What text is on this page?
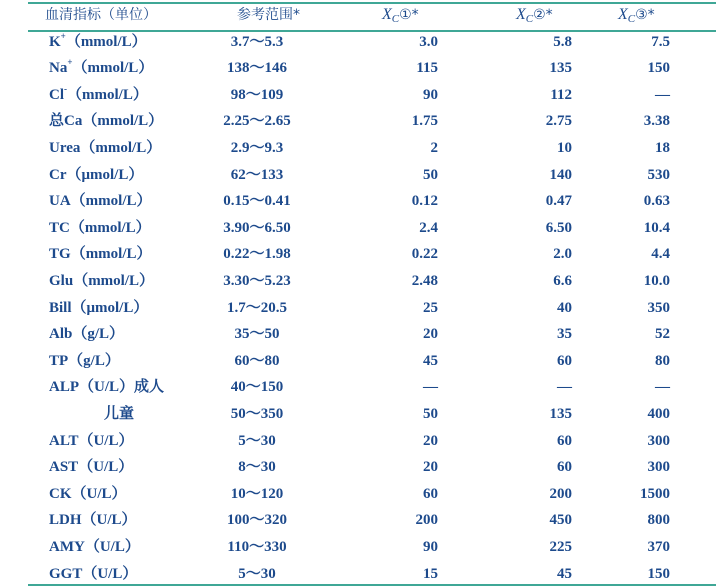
血清指标（单位）	参考范围*	$X_C①*$	$X_C②*$	$X_C③*$
K+（mmol/L）	3.7～5.3	3.0	5.8	7.5
Na+（mmol/L）	138～146	115	135	150
Cl-（mmol/L）	98～109	90	112	—
总Ca（mmol/L）	2.25～2.65	1.75	2.75	3.38
Urea（mmol/L）	2.9～9.3	2	10	18
Cr（μmol/L）	62～133	50	140	530
UA（mmol/L）	0.15～0.41	0.12	0.47	0.63
TC（mmol/L）	3.90～6.50	2.4	6.50	10.4
TG（mmol/L）	0.22～1.98	0.22	2.0	4.4
Glu（mmol/L）	3.30～5.23	2.48	6.6	10.0
Bill（μmol/L）	1.7～20.5	25	40	350
Alb（g/L）	35～50	20	35	52
TP（g/L）	60～80	45	60	80
ALP（U/L）成人	40～150	—	—	—
儿童	50～350	50	135	400
ALT（U/L）	5～30	20	60	300
AST（U/L）	8～30	20	60	300
CK（U/L）	10～120	60	200	1500
LDH（U/L）	100～320	200	450	800
AMY（U/L）	110～330	90	225	370
GGT（U/L）	5～30	15	45	150
